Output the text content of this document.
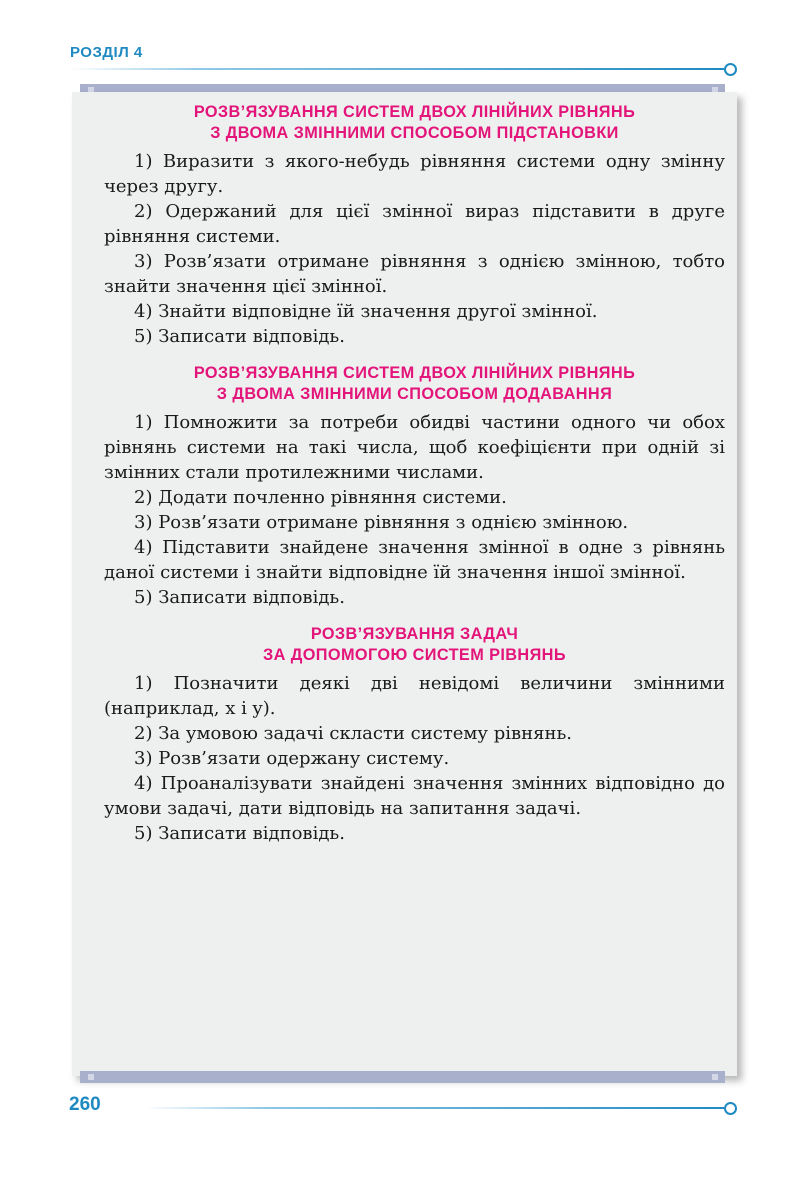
РОЗДІЛ 4
РОЗВ’ЯЗУВАННЯ СИСТЕМ ДВОХ ЛІНІЙНИХ РІВНЯНЬ
З ДВОМА ЗМІННИМИ СПОСОБОМ ПІДСТАНОВКИ

1) Виразити з якого-небудь рівняння системи одну змінну через другу.

2) Одержаний для цієї змінної вираз підставити в друге рівняння системи.

3) Розв’язати отримане рівняння з однією змінною, тобто знайти значення цієї змінної.

4) Знайти відповідне їй значення другої змінної.

5) Записати відповідь.

РОЗВ’ЯЗУВАННЯ СИСТЕМ ДВОХ ЛІНІЙНИХ РІВНЯНЬ
З ДВОМА ЗМІННИМИ СПОСОБОМ ДОДАВАННЯ

1) Помножити за потреби обидві частини одного чи обох рівнянь системи на такі числа, щоб коефіцієнти при одній зі змінних стали протилежними числами.

2) Додати почленно рівняння системи.

3) Розв’язати отримане рівняння з однією змінною.

4) Підставити знайдене значення змінної в одне з рівнянь даної системи і знайти відповідне їй значення іншої змінної.

5) Записати відповідь.

РОЗВ’ЯЗУВАННЯ ЗАДАЧ
ЗА ДОПОМОГОЮ СИСТЕМ РІВНЯНЬ

1) Позначити деякі дві невідомі величини змінними (наприклад, x і y).

2) За умовою задачі скласти систему рівнянь.

3) Розв’язати одержану систему.

4) Проаналізувати знайдені значення змінних відповідно до умови задачі, дати відповідь на запитання задачі.

5) Записати відповідь.

260
